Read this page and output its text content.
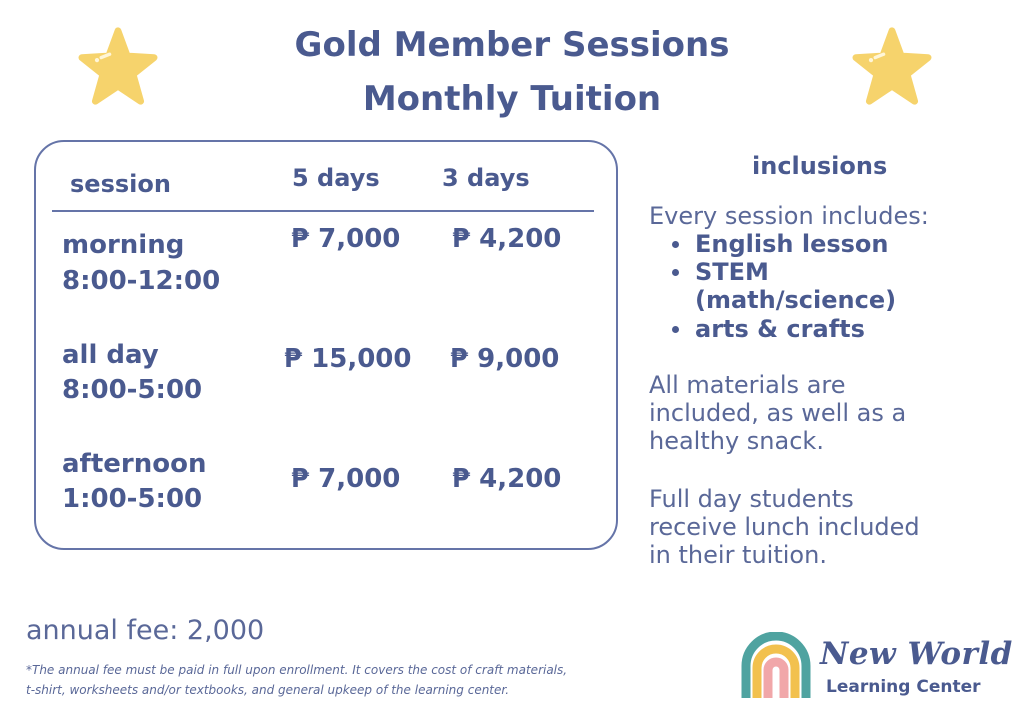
Gold Member Sessions
Monthly Tuition
session	5 days	3 days
morning
8:00-12:00
₱ 7,000 ₱ 4,200
all day
8:00-5:00
₱ 15,000 ₱ 9,000
afternoon
1:00-5:00
₱ 7,000 ₱ 4,200
inclusions
Every session includes:
English lesson
STEM
(math/science)
arts & crafts
All materials are
included, as well as a
healthy snack.
Full day students
receive lunch included
in their tuition.
annual fee: 2,000
*The annual fee must be paid in full upon enrollment. It covers the cost of craft materials,
t-shirt, worksheets and/or textbooks, and general upkeep of the learning center.
New World
Learning Center
